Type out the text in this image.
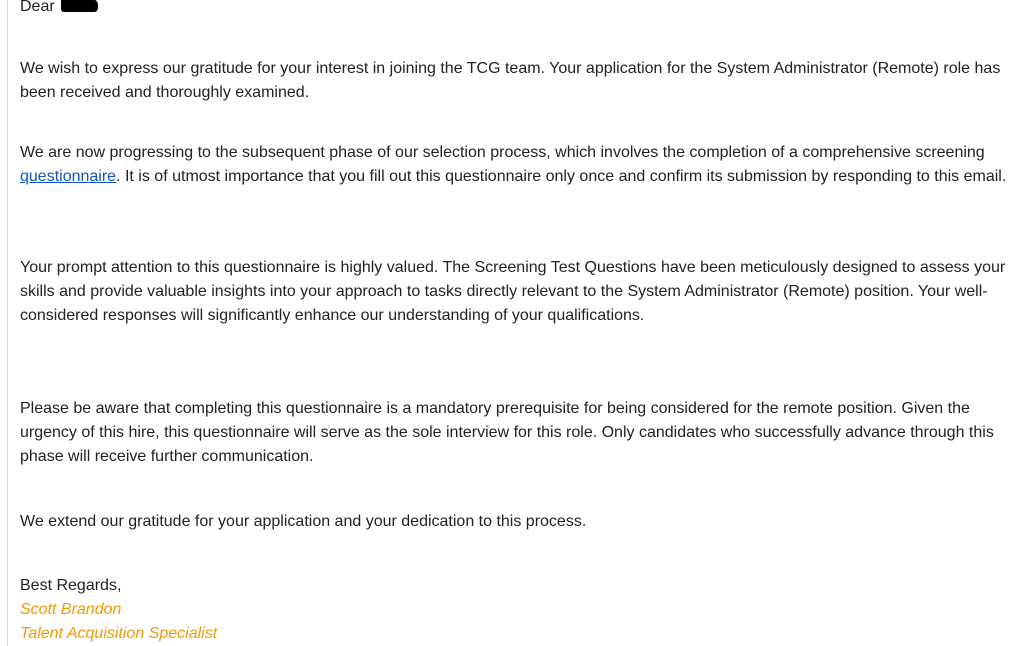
Dear

We wish to express our gratitude for your interest in joining the TCG team. Your application for the System Administrator (Remote) role has been received and thoroughly examined.

We are now progressing to the subsequent phase of our selection process, which involves the completion of a comprehensive screening questionnaire. It is of utmost importance that you fill out this questionnaire only once and confirm its submission by responding to this email.

Your prompt attention to this questionnaire is highly valued. The Screening Test Questions have been meticulously designed to assess your skills and provide valuable insights into your approach to tasks directly relevant to the System Administrator (Remote) position. Your well-considered responses will significantly enhance our understanding of your qualifications.

Please be aware that completing this questionnaire is a mandatory prerequisite for being considered for the remote position. Given the urgency of this hire, this questionnaire will serve as the sole interview for this role. Only candidates who successfully advance through this phase will receive further communication.

We extend our gratitude for your application and your dedication to this process.

Best Regards,
Scott Brandon
Talent Acquisition Specialist
